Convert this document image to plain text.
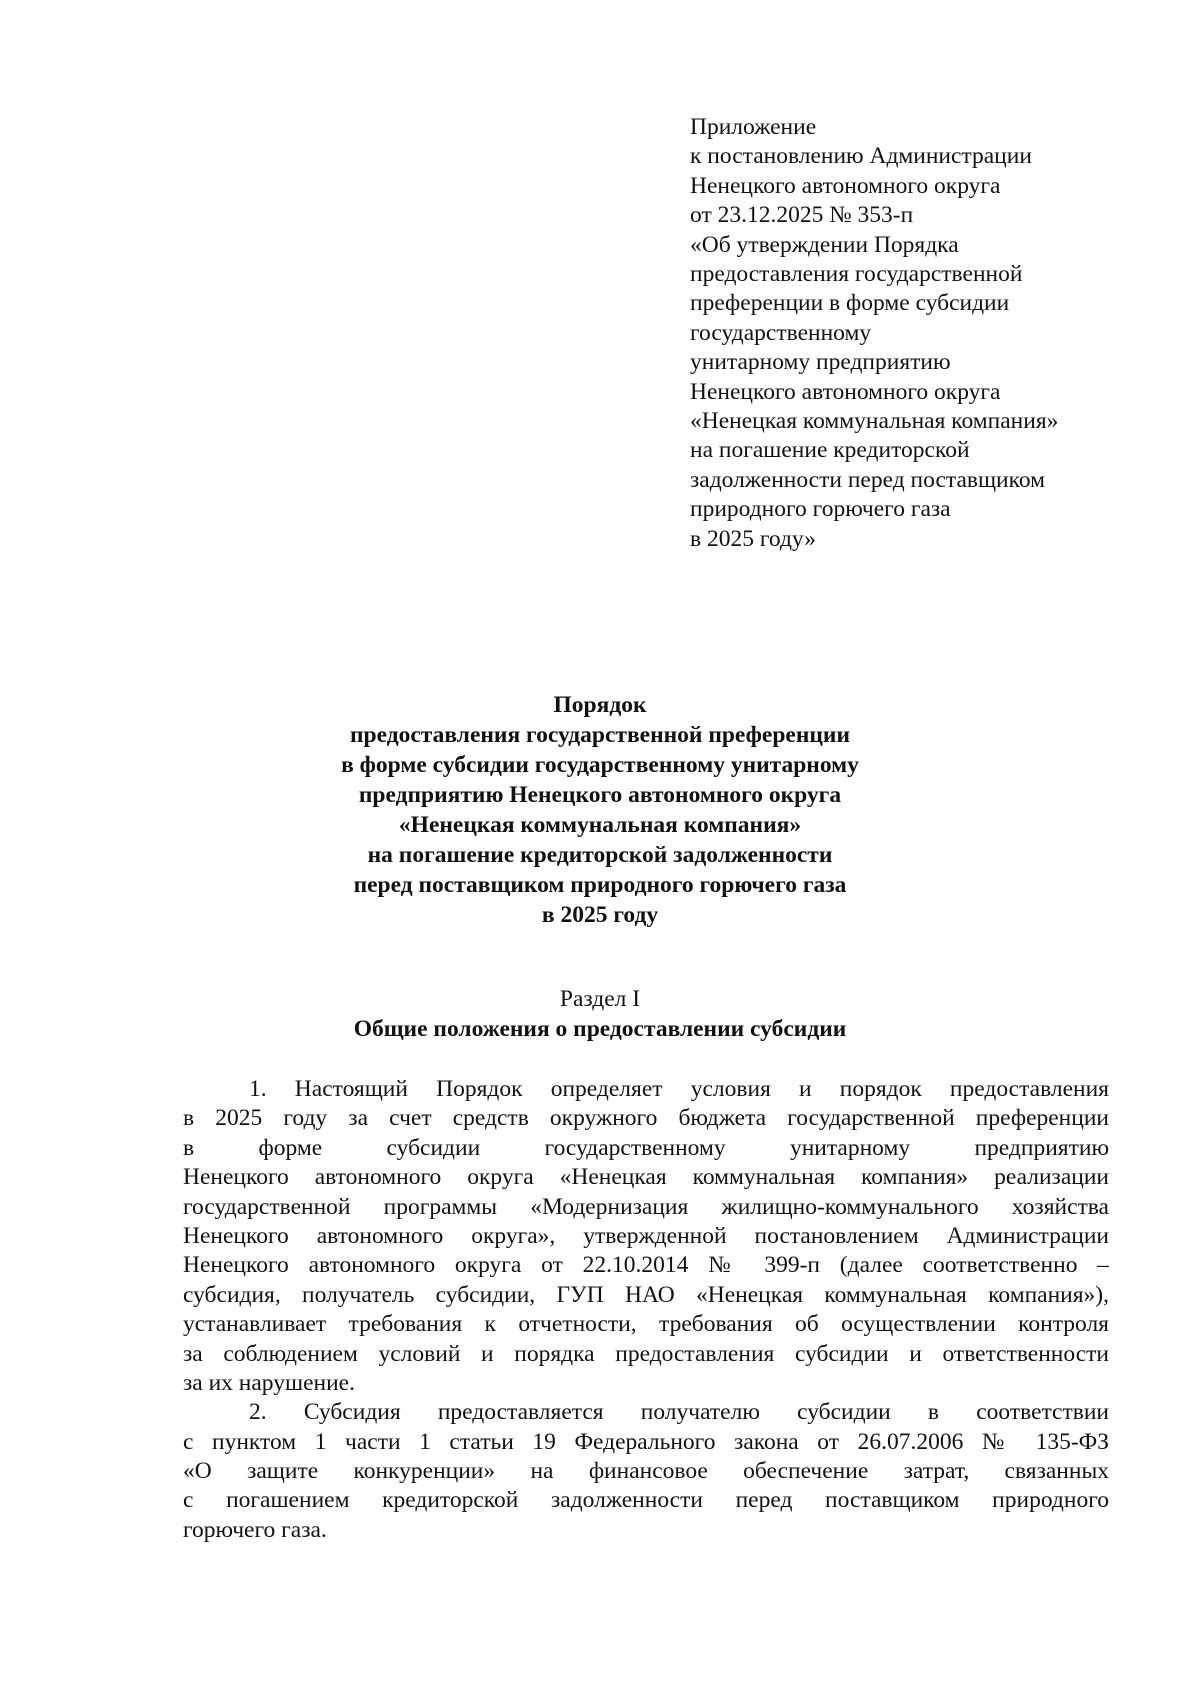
Приложение
к постановлению Администрации
Ненецкого автономного округа
от 23.12.2025 № 353-п
«Об утверждении Порядка
предоставления государственной
преференции в форме субсидии
государственному
унитарному предприятию
Ненецкого автономного округа
«Ненецкая коммунальная компания»
на погашение кредиторской
задолженности перед поставщиком
природного горючего газа
в 2025 году»
Порядок
предоставления государственной преференции
в форме субсидии государственному унитарному
предприятию Ненецкого автономного округа
«Ненецкая коммунальная компания»
на погашение кредиторской задолженности
перед поставщиком природного горючего газа
в 2025 году
Раздел I
Общие положения о предоставлении субсидии
1. Настоящий Порядок определяет условия и порядок предоставления
в 2025 году за счет средств окружного бюджета государственной преференции
в форме субсидии государственному унитарному предприятию
Ненецкого автономного округа «Ненецкая коммунальная компания» реализации
государственной программы «Модернизация жилищно-коммунального хозяйства
Ненецкого автономного округа», утвержденной постановлением Администрации
Ненецкого автономного округа от 22.10.2014 № 399-п (далее соответственно –
субсидия, получатель субсидии, ГУП НАО «Ненецкая коммунальная компания»),
устанавливает требования к отчетности, требования об осуществлении контроля
за соблюдением условий и порядка предоставления субсидии и ответственности
за их нарушение.
2. Субсидия предоставляется получателю субсидии в соответствии
с пунктом 1 части 1 статьи 19 Федерального закона от 26.07.2006 № 135-ФЗ
«О защите конкуренции» на финансовое обеспечение затрат, связанных
с погашением кредиторской задолженности перед поставщиком природного
горючего газа.
